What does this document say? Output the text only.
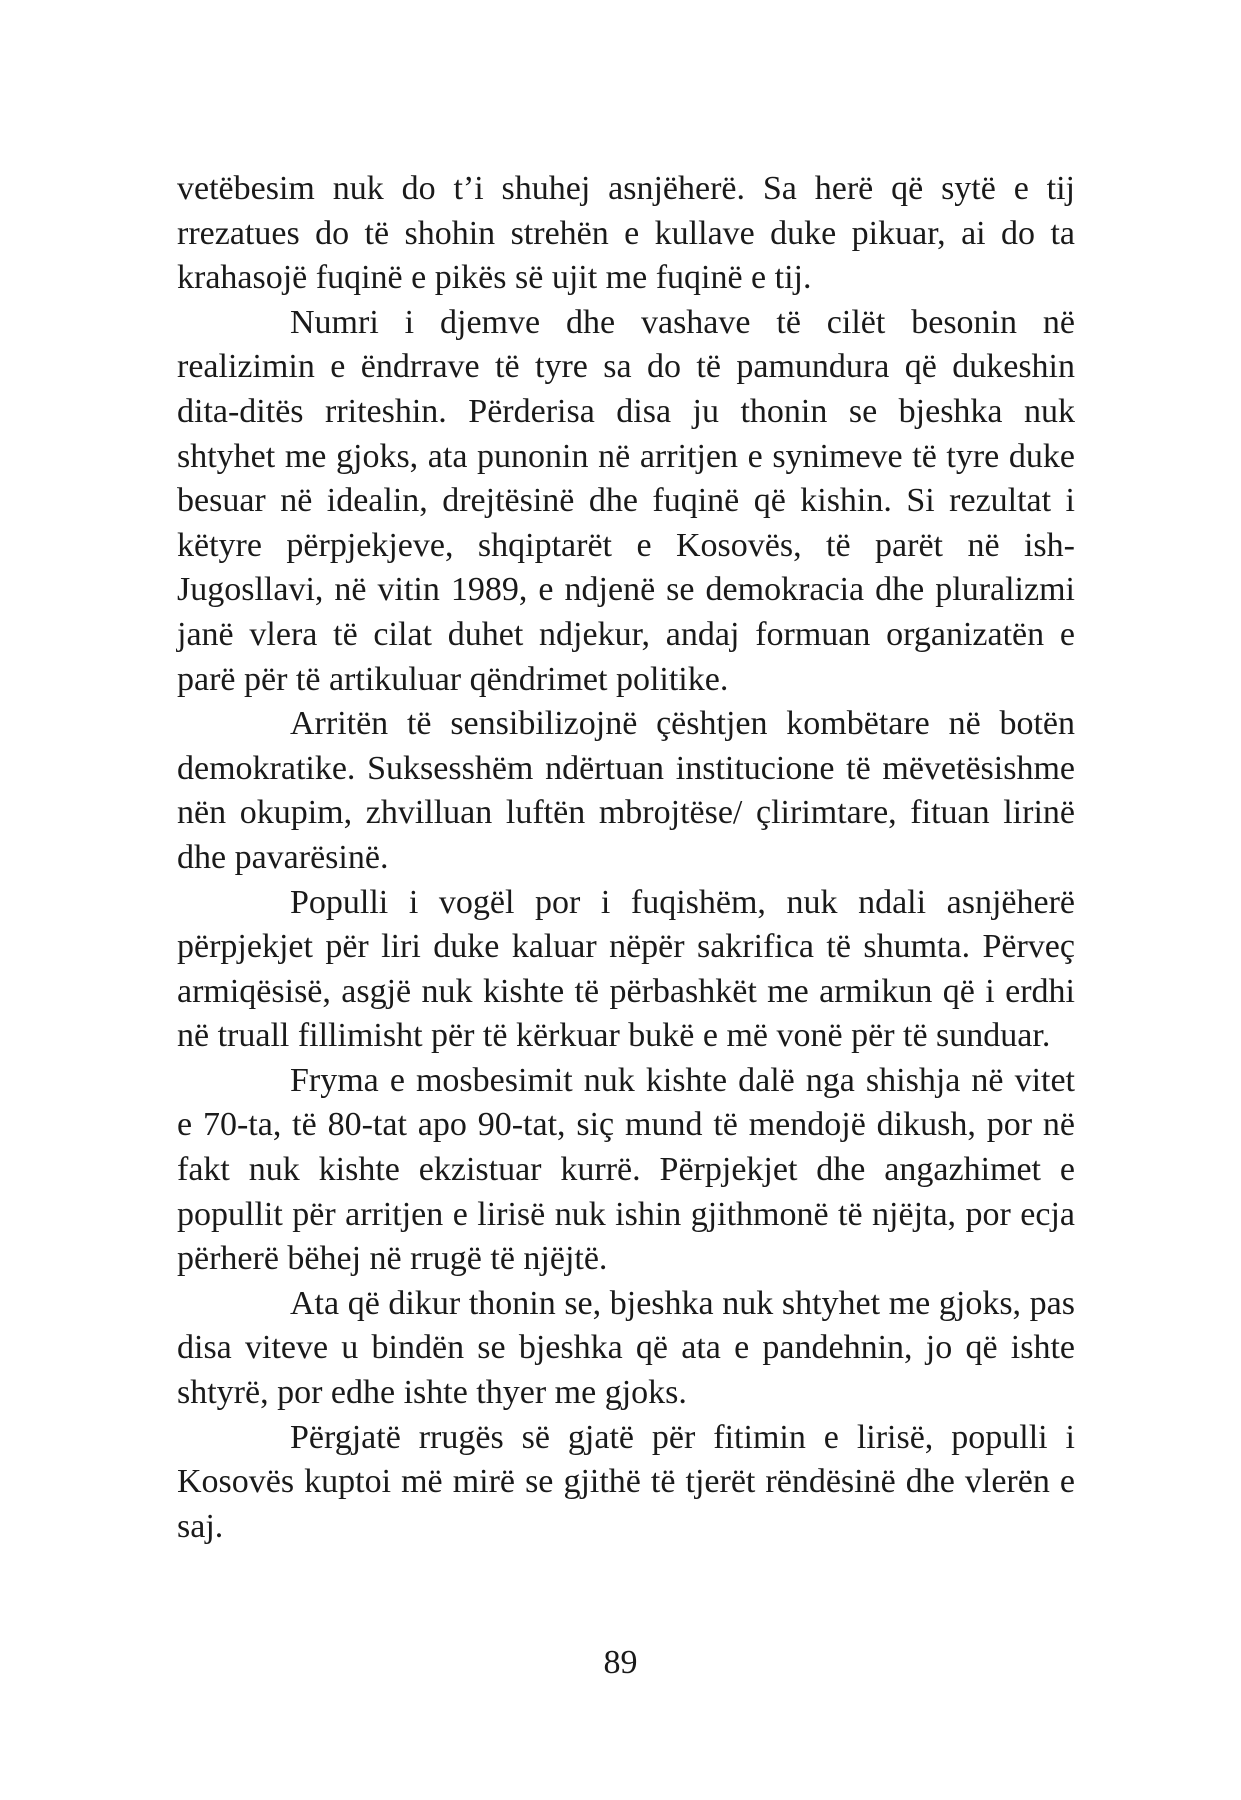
vetëbesim nuk do t’i shuhej asnjëherë. Sa herë që sytë e tij rrezatues do të shohin strehën e kullave duke pikuar, ai do ta krahasojë fuqinë e pikës së ujit me fuqinë e tij.

Numri i djemve dhe vashave të cilët besonin në realizimin e ëndrrave të tyre sa do të pamundura që dukeshin dita-ditës rriteshin. Përderisa disa ju thonin se bjeshka nuk shtyhet me gjoks, ata punonin në arritjen e synimeve të tyre duke besuar në idealin, drejtësinë dhe fuqinë që kishin. Si rezultat i këtyre përpjekjeve, shqiptarët e Kosovës, të parët në ish-Jugosllavi, në vitin 1989, e ndjenë se demokracia dhe pluralizmi janë vlera të cilat duhet ndjekur, andaj formuan organizatën e parë për të artikuluar qëndrimet politike.

Arritën të sensibilizojnë çështjen kombëtare në botën demokratike. Suksesshëm ndërtuan institucione të mëvetësishme nën okupim, zhvilluan luftën mbrojtëse/ çlirimtare, fituan lirinë dhe pavarësinë.

Populli i vogël por i fuqishëm, nuk ndali asnjëherë përpjekjet për liri duke kaluar nëpër sakrifica të shumta. Përveç armiqësisë, asgjë nuk kishte të përbashkët me armikun që i erdhi në truall fillimisht për të kërkuar bukë e më vonë për të sunduar.

Fryma e mosbesimit nuk kishte dalë nga shishja në vitet e 70-ta, të 80-tat apo 90-tat, siç mund të mendojë dikush, por në fakt nuk kishte ekzistuar kurrë. Përpjekjet dhe angazhimet e popullit për arritjen e lirisë nuk ishin gjithmonë të njëjta, por ecja përherë bëhej në rrugë të njëjtë.

Ata që dikur thonin se, bjeshka nuk shtyhet me gjoks, pas disa viteve u bindën se bjeshka që ata e pandehnin, jo që ishte shtyrë, por edhe ishte thyer me gjoks.

Përgjatë rrugës së gjatë për fitimin e lirisë, populli i Kosovës kuptoi më mirë se gjithë të tjerët rëndësinë dhe vlerën e saj.

89
